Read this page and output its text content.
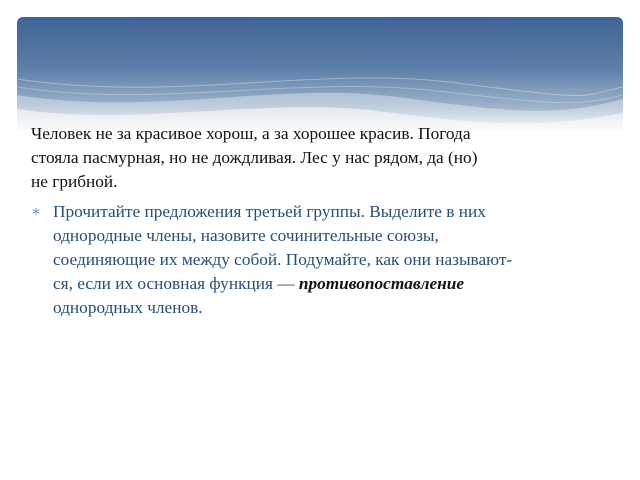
Человек не за красивое хорош, а за хорошее красив. Погода
стояла пасмурная, но не дождливая. Лес у нас рядом, да (но)
не грибной.

∗ Прочитайте предложения третьей группы. Выделите в них
однородные члены, назовите сочинительные союзы,
соединяющие их между собой. Подумайте, как они называют-
ся, если их основная функция — противопоставление
однородных членов.
